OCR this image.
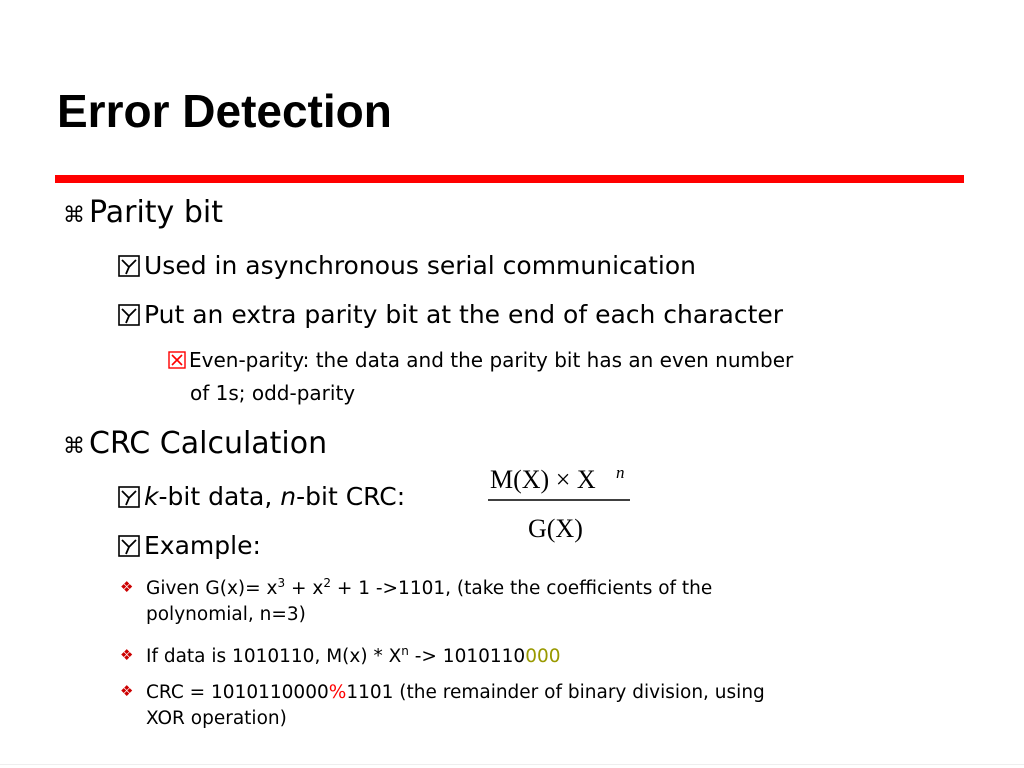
Error Detection
⌘ Parity bit
Used in asynchronous serial communication
Put an extra parity bit at the end of each character
Even-parity: the data and the parity bit has an even number
of 1s; odd-parity
⌘ CRC Calculation
k-bit data, n-bit CRC:
M(X) × X n
G(X)
Example:
❖ Given $G(x)= x^3 + x^2 + 1$ ->1101, (take the coefficients of the
polynomial, n=3)
❖ If data is 1010110, $M(x) * X^n -> 1010110000$
❖ CRC = 1010110000%1101 (the remainder of binary division, using
XOR operation)
